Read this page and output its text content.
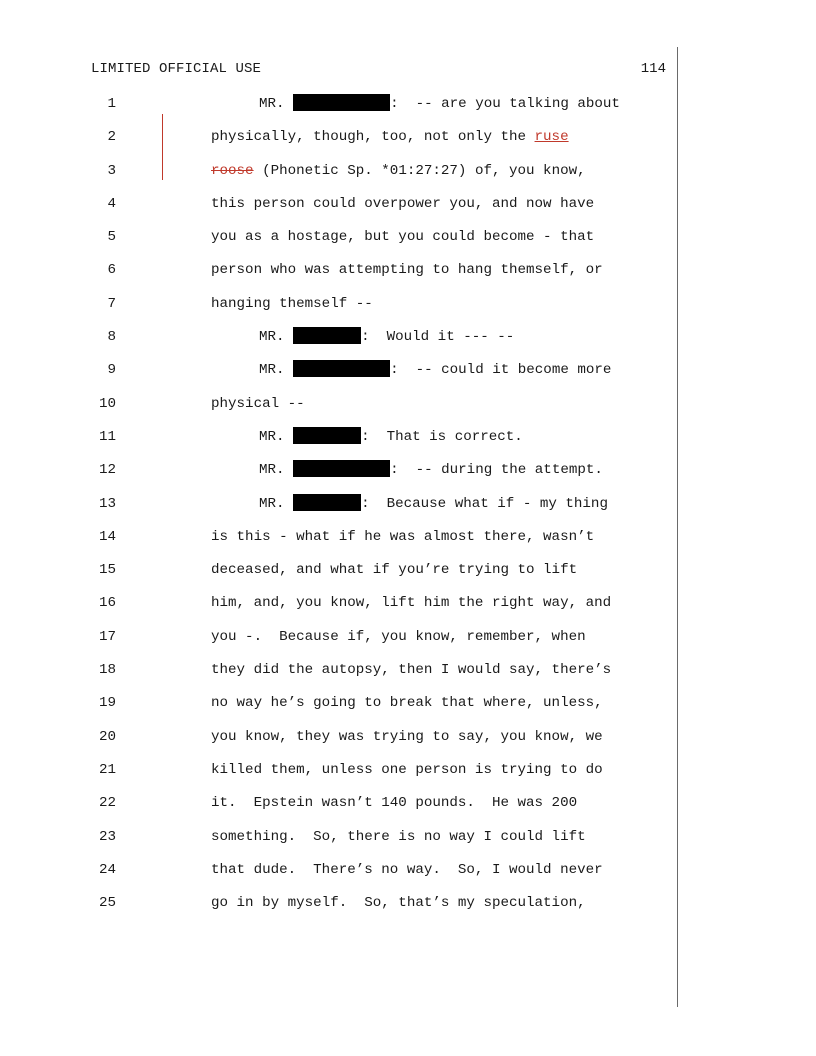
LIMITED OFFICIAL USE	114
1	MR.	:  -- are you talking about
2	physically, though, too, not only the ruse
3	roose (Phonetic Sp. *01:27:27) of, you know,
4	this person could overpower you, and now have
5	you as a hostage, but you could become - that
6	person who was attempting to hang themself, or
7	hanging themself --
8	MR.	:  Would it --- --
9	MR.	:  -- could it become more
10	physical --
11	MR.	:  That is correct.
12	MR.	:  -- during the attempt.
13	MR.	:  Because what if - my thing
14	is this - what if he was almost there, wasn’t
15	deceased, and what if you’re trying to lift
16	him, and, you know, lift him the right way, and
17	you -.  Because if, you know, remember, when
18	they did the autopsy, then I would say, there’s
19	no way he’s going to break that where, unless,
20	you know, they was trying to say, you know, we
21	killed them, unless one person is trying to do
22	it.  Epstein wasn’t 140 pounds.  He was 200
23	something.  So, there is no way I could lift
24	that dude.  There’s no way.  So, I would never
25	go in by myself.  So, that’s my speculation,
